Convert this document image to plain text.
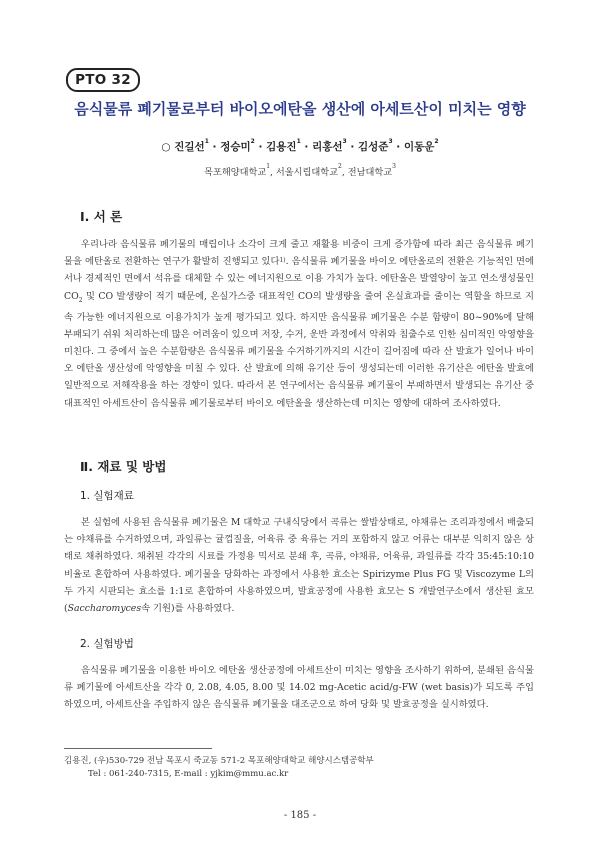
PTO 32
음식물류 폐기물로부터 바이오에탄올 생산에 아세트산이 미치는 영향
○ 진길선$^1$ · 정승미$^2$ · 김용진$^1$ · 리홍선$^3$ · 김성준$^3$ · 이동운$^2$
목포해양대학교$^1$, 서울시립대학교$^2$, 전남대학교$^3$
Ⅰ. 서 론

우리나라 음식물류 폐기물의 매립이나 소각이 크게 줄고 재활용 비중이 크게 증가함에 따라 최근 음식물류 폐기물을 에탄올로 전환하는 연구가 활발히 진행되고 있다$^{1)}$. 음식물류 폐기물을 바이오 에탄올로의 전환은 기능적인 면에서나 경제적인 면에서 석유를 대체할 수 있는 에너지원으로 이용 가치가 높다. 에탄올은 발열양이 높고 연소생성물인 $CO_2$ 및 CO 발생량이 적기 때문에, 온실가스중 대표적인 CO의 발생량을 줄여 온실효과를 줄이는 역할을 하므로 지속 가능한 에너지원으로 이용가치가 높게 평가되고 있다. 하지만 음식물류 폐기물은 수분 함량이 80~90%에 달해 부패되기 쉬워 처리하는데 많은 어려움이 있으며 저장, 수거, 운반 과정에서 악취와 침출수로 인한 심미적인 악영향을 미친다. 그 중에서 높은 수분함량은 음식물류 폐기물을 수거하기까지의 시간이 길어짐에 따라 산 발효가 일어나 바이오 에탄올 생산성에 악영향을 미칠 수 있다. 산 발효에 의해 유기산 등이 생성되는데 이러한 유기산은 에탄올 발효에 일반적으로 저해작용을 하는 경향이 있다. 따라서 본 연구에서는 음식물류 폐기물이 부패하면서 발생되는 유기산 중 대표적인 아세트산이 음식물류 폐기물로부터 바이오 에탄올을 생산하는데 미치는 영향에 대하여 조사하였다.

Ⅱ. 재료 및 방법
1. 실험재료

본 실험에 사용된 음식물류 폐기물은 M 대학교 구내식당에서 곡류는 쌀밥상태로, 야채류는 조리과정에서 배출되는 야채류를 수거하였으며, 과일류는 귤껍질을, 어육류 중 육류는 거의 포함하지 않고 어류는 대부분 익히지 않은 상태로 채취하였다. 채취된 각각의 시료를 가정용 믹서로 분쇄 후, 곡류, 야채류, 어육류, 과일류를 각각 35:45:10:10 비율로 혼합하여 사용하였다. 폐기물을 당화하는 과정에서 사용한 효소는 Spirizyme Plus FG 및 Viscozyme L의 두 가지 시판되는 효소를 1:1로 혼합하여 사용하였으며, 발효공정에 사용한 효모는 S 개발연구소에서 생산된 효모(Saccharomyces속 기원)를 사용하였다.

2. 실험방법

음식물류 폐기물을 이용한 바이오 에탄올 생산공정에 아세트산이 미치는 영향을 조사하기 위하여, 분쇄된 음식물류 폐기물에 아세트산을 각각 0, 2.08, 4.05, 8.00 및 14.02 mg-Acetic acid/g-FW (wet basis)가 되도록 주입하였으며, 아세트산을 주입하지 않은 음식물류 폐기물을 대조군으로 하여 당화 및 발효공정을 실시하였다.

김용진, (우)530-729 전남 목포시 죽교동 571-2 목포해양대학교 해양시스템공학부
Tel : 061-240-7315, E-mail : yjkim@mmu.ac.kr
- 185 -
